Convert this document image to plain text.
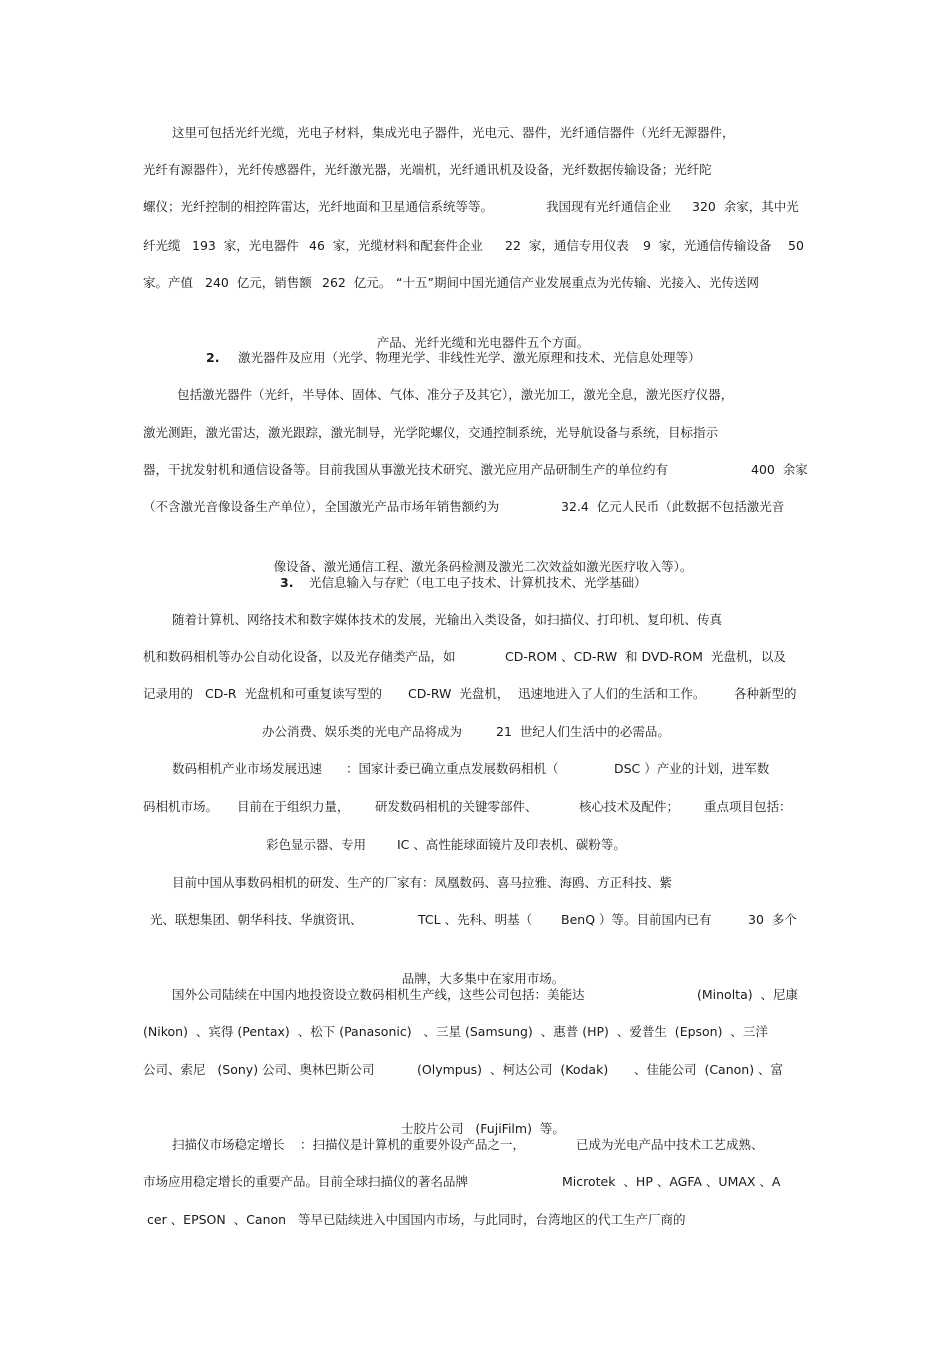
这里可包括光纤光缆，光电子材料，集成光电子器件，光电元、器件，光纤通信器件（光纤无源器件，

光纤有源器件），光纤传感器件，光纤激光器，光端机，光纤通讯机及设备，光纤数据传输设备；光纤陀

螺仪；光纤控制的相控阵雷达，光纤地面和卫星通信系统等等。

	我国现有光纤通信企业

320  余家，其中光

纤光缆

193  家，光电器件

46  家，光缆材料和配套件企业

22  家，通信专用仪表

9  家，光通信传输设备

50

家。产值

240  亿元，销售额

262  亿元。

“十五”期间中国光通信产业发展重点为光传输、光接入、光传送网

产品、光纤光缆和光电器件五个方面。

2.

激光器件及应用（光学、物理光学、非线性光学、激光原理和技术、光信息处理等）

包括激光器件（光纤，半导体、固体、气体、准分子及其它），激光加工，激光全息，激光医疗仪器，

激光测距，激光雷达，激光跟踪，激光制导，光学陀螺仪，交通控制系统，光导航设备与系统，目标指示

器，干扰发射机和通信设备等。目前我国从事激光技术研究、激光应用产品研制生产的单位约有

	400  余家

（不含激光音像设备生产单位），全国激光产品市场年销售额约为

	32.4  亿元人民币（此数据不包括激光音

像设备、激光通信工程、激光条码检测及激光二次效益如激光医疗收入等）。

3.

光信息输入与存贮（电工电子技术、计算机技术、光学基础）

随着计算机、网络技术和数字媒体技术的发展，光输出入类设备，如扫描仪、打印机、复印机、传真

机和数码相机等办公自动化设备，以及光存储类产品，如

	CD-ROM 、CD-RW  和 DVD-ROM  光盘机，以及

记录用的

CD-R  光盘机和可重复读写型的

CD-RW  光盘机，

迅速地进入了人们的生活和工作。

各种新型的

办公消费、娱乐类的光电产品将成为

	21  世纪人们生活中的必需品。

数码相机产业市场发展迅速

：国家计委已确立重点发展数码相机（

	DSC ）产业的计划，进军数

码相机市场。

目前在于组织力量，

研发数码相机的关键零部件、

	核心技术及配件；

重点项目包括：

彩色显示器、专用

IC 、高性能球面镜片及印表机、碳粉等。

目前中国从事数码相机的研发、生产的厂家有：凤凰数码、喜马拉雅、海鸥、方正科技、紫

光、联想集团、朝华科技、华旗资讯、

	TCL 、先科、明基（

BenQ ）等。目前国内已有

	30  多个

品牌，大多集中在家用市场。

国外公司陆续在中国内地投资设立数码相机生产线，这些公司包括：美能达

	(Minolta)  、尼康

(Nikon)  、宾得 (Pentax)  、松下 (Panasonic)   、三星 (Samsung)  、惠普 (HP)  、爱普生  (Epson)  、三洋

公司、索尼   (Sony) 公司、奥林巴斯公司

	(Olympus)  、柯达公司  (Kodak)

、佳能公司  (Canon) 、富

士胶片公司   (FujiFilm)  等。

扫描仪市场稳定增长

：扫描仪是计算机的重要外设产品之一，

	已成为光电产品中技术工艺成熟、

市场应用稳定增长的重要产品。目前全球扫描仪的著名品牌

	Microtek  、HP 、AGFA 、UMAX 、A

cer 、EPSON  、Canon   等早已陆续进入中国国内市场，与此同时，台湾地区的代工生产厂商的
